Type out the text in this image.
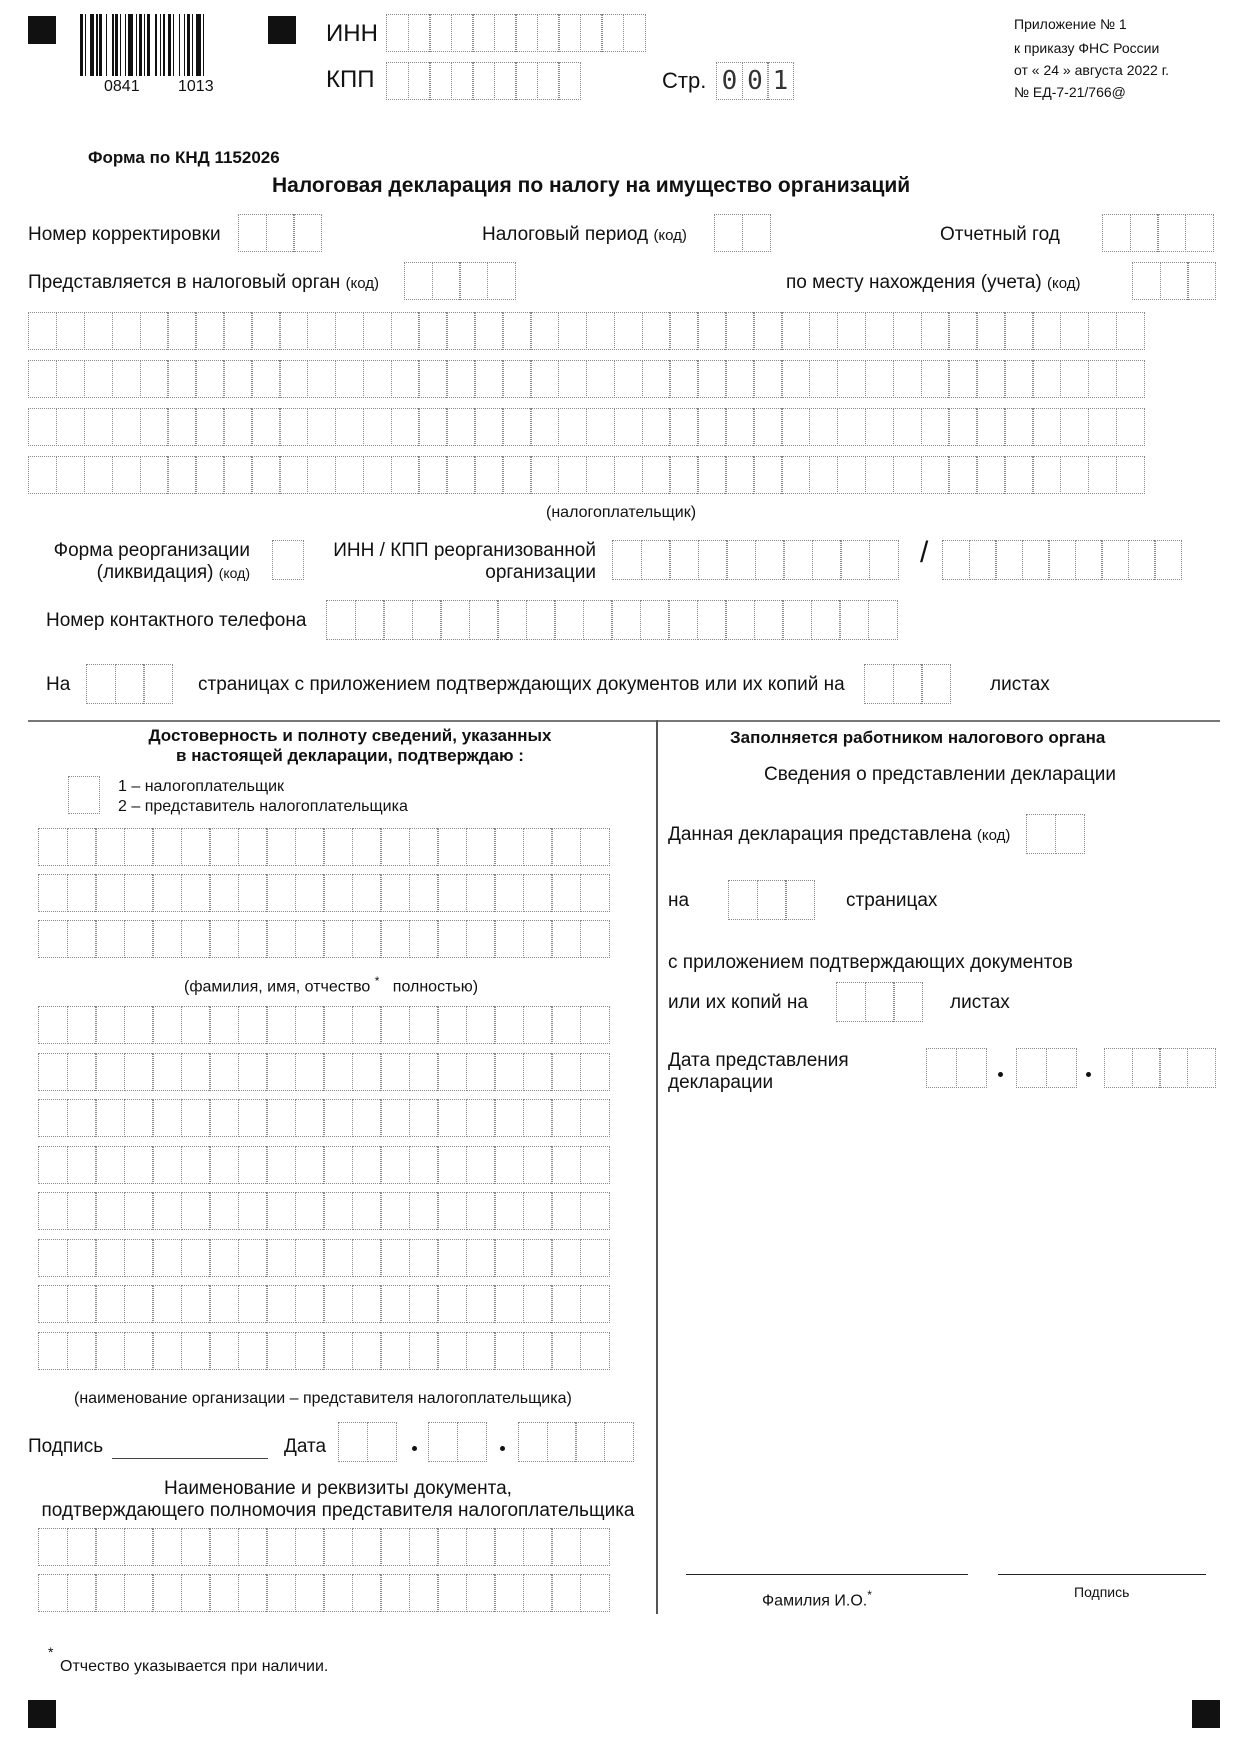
0841 1013
ИНН
КПП	Стр. 0 0 1
Приложение № 1
к приказу ФНС России
от « 24 » августа 2022 г.
№ ЕД-7-21/766@
Форма по КНД 1152026
Налоговая декларация по налогу на имущество организаций
Номер корректировки	Налоговый период (код)	Отчетный год
Представляется в налоговый орган (код)	по месту нахождения (учета) (код)
(налогоплательщик)
Форма реорганизации
(ликвидация) (код)
ИНН / КПП реорганизованной
организации
/
Номер контактного телефона
На	страницах с приложением подтверждающих документов или их копий на	листах
Достоверность и полноту сведений, указанных
в настоящей декларации, подтверждаю :
1 – налогоплательщик
2 – представитель налогоплательщика
(фамилия, имя, отчество * полностью)
(наименование организации – представителя налогоплательщика)
Подпись	Дата
Наименование и реквизиты документа,
подтверждающего полномочия представителя налогоплательщика
Заполняется работником налогового органа
Сведения о представлении декларации
Данная декларация представлена (код)
на	страницах
с приложением подтверждающих документов
или их копий на	листах
Дата представления
декларации
Фамилия И.О.*	Подпись
*
Отчество указывается при наличии.
